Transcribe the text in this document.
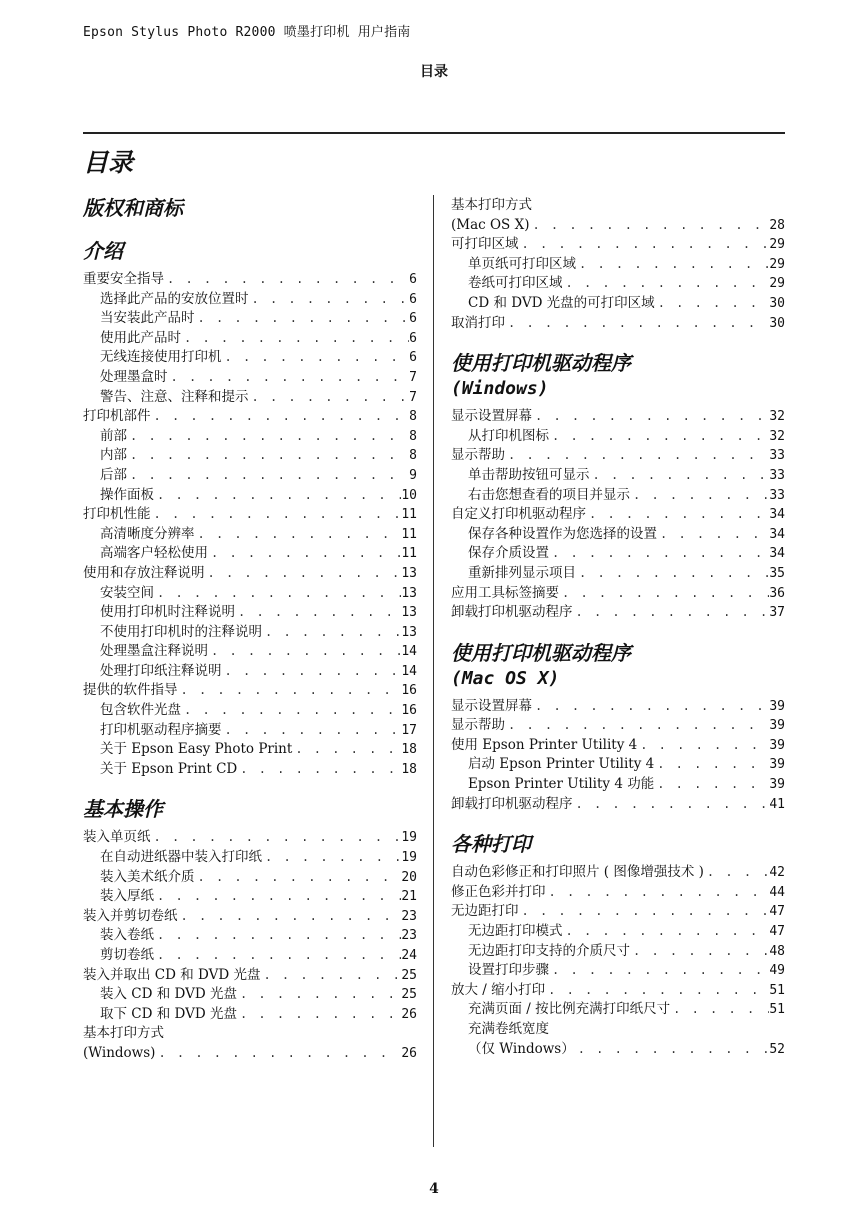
Epson Stylus Photo R2000 喷墨打印机 用户指南
目录
目录
版权和商标
介绍
重要安全指导 . . .	6
选择此产品的安放位置时 . . .	6
当安装此产品时 . . .	6
使用此产品时 . . .	6
无线连接使用打印机 . . .	6
处理墨盒时 . . .	7
警告、注意、注释和提示 . . .	7
打印机部件 . . .	8
前部 . . .	8
内部 . . .	8
后部 . . .	9
操作面板 . . .	10
打印机性能 . . .	11
高清晰度分辨率 . . .	11
高端客户轻松使用 . . .	11
使用和存放注释说明 . . .	13
安装空间 . . .	13
使用打印机时注释说明 . . .	13
不使用打印机时的注释说明 . . .	13
处理墨盒注释说明 . . .	14
处理打印纸注释说明 . . .	14
提供的软件指导 . . .	16
包含软件光盘 . . .	16
打印机驱动程序摘要 . . .	17
关于 Epson Easy Photo Print . . .	18
关于 Epson Print CD . . .	18
基本操作
装入单页纸 . . .	19
在自动进纸器中装入打印纸 . . .	19
装入美术纸介质 . . .	20
装入厚纸 . . .	21
装入并剪切卷纸 . . .	23
装入卷纸 . . .	23
剪切卷纸 . . .	24
装入并取出 CD 和 DVD 光盘 . . .	25
装入 CD 和 DVD 光盘 . . .	25
取下 CD 和 DVD 光盘 . . .	26
基本打印方式
(Windows) . . .	26
基本打印方式
(Mac OS X) . . .	28
可打印区域 . . .	29
单页纸可打印区域 . . .	29
卷纸可打印区域 . . .	29
CD 和 DVD 光盘的可打印区域 . . .	30
取消打印 . . .	30
使用打印机驱动程序
(Windows)
显示设置屏幕 . . .	32
从打印机图标 . . .	32
显示帮助 . . .	33
单击帮助按钮可显示 . . .	33
右击您想查看的项目并显示 . . .	33
自定义打印机驱动程序 . . .	34
保存各种设置作为您选择的设置 . . .	34
保存介质设置 . . .	34
重新排列显示项目 . . .	35
应用工具标签摘要 . . .	36
卸载打印机驱动程序 . . .	37
使用打印机驱动程序
(Mac OS X)
显示设置屏幕 . . .	39
显示帮助 . . .	39
使用 Epson Printer Utility 4 . . .	39
启动 Epson Printer Utility 4 . . .	39
Epson Printer Utility 4 功能 . . .	39
卸载打印机驱动程序 . . .	41
各种打印
自动色彩修正和打印照片 ( 图像增强技术 ) . . .	42
修正色彩并打印 . . .	44
无边距打印 . . .	47
无边距打印模式 . . .	47
无边距打印支持的介质尺寸 . . .	48
设置打印步骤 . . .	49
放大 / 缩小打印 . . .	51
充满页面 / 按比例充满打印纸尺寸 . . .	51
充满卷纸宽度
（仅 Windows） . . .	52
4
